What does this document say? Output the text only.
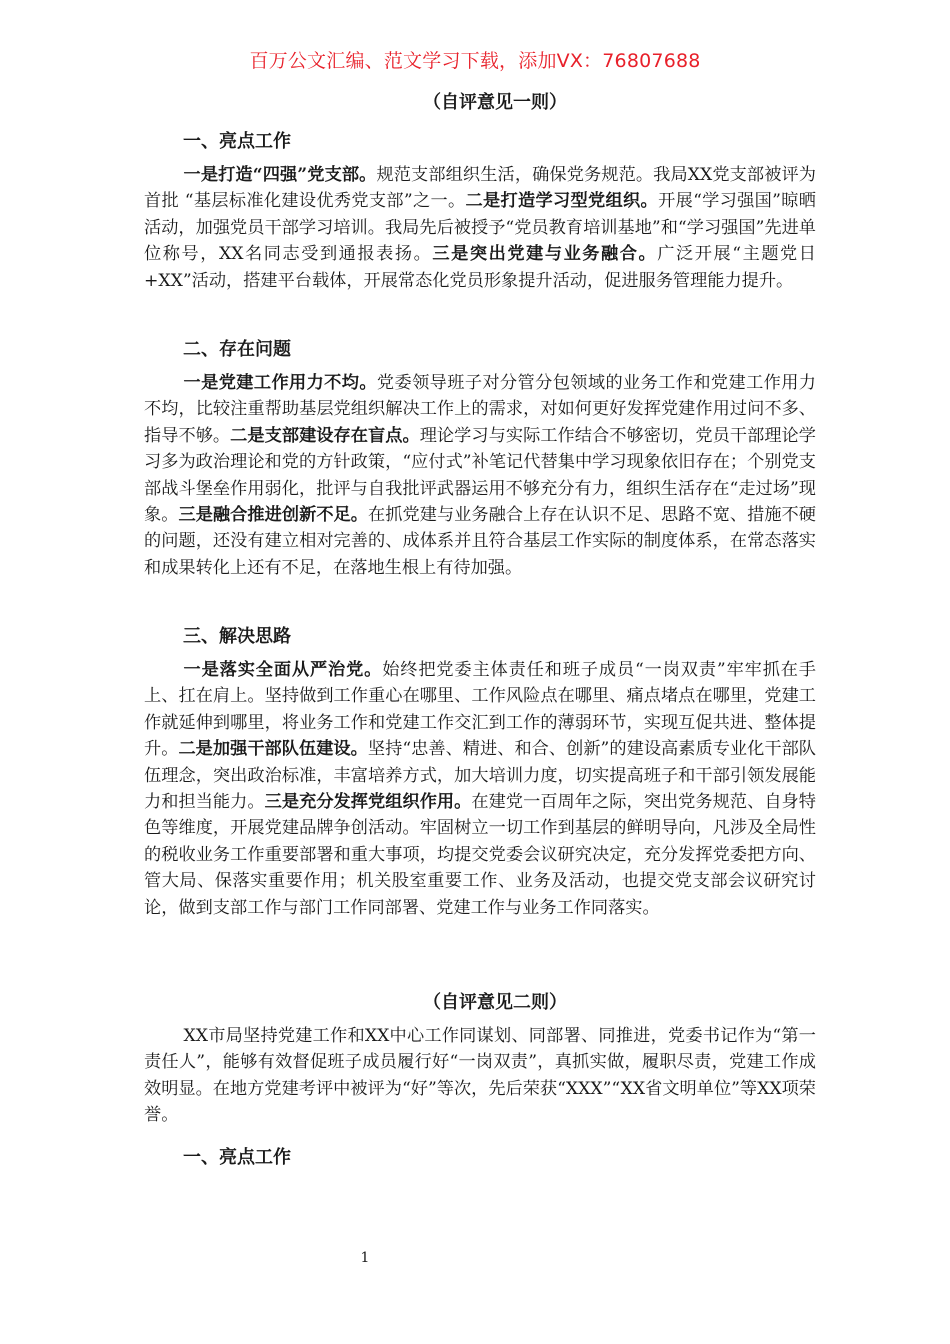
百万公文汇编、范文学习下载，添加VX：76807688
（自评意见一则）
一、亮点工作

一是打造“四强”党支部。规范支部组织生活，确保党务规范。我局XX党支部被评为首批 “基层标准化建设优秀党支部”之一。二是打造学习型党组织。开展“学习强国”晾晒活动，加强党员干部学习培训。我局先后被授予“党员教育培训基地”和“学习强国”先进单位称号，XX名同志受到通报表扬。三是突出党建与业务融合。广泛开展“主题党日+XX”活动，搭建平台载体，开展常态化党员形象提升活动，促进服务管理能力提升。

二、存在问题

一是党建工作用力不均。党委领导班子对分管分包领域的业务工作和党建工作用力不均，比较注重帮助基层党组织解决工作上的需求，对如何更好发挥党建作用过问不多、指导不够。二是支部建设存在盲点。理论学习与实际工作结合不够密切，党员干部理论学习多为政治理论和党的方针政策，“应付式”补笔记代替集中学习现象依旧存在；个别党支部战斗堡垒作用弱化，批评与自我批评武器运用不够充分有力，组织生活存在“走过场”现象。三是融合推进创新不足。在抓党建与业务融合上存在认识不足、思路不宽、措施不硬的问题，还没有建立相对完善的、成体系并且符合基层工作实际的制度体系，在常态落实和成果转化上还有不足，在落地生根上有待加强。

三、解决思路

一是落实全面从严治党。始终把党委主体责任和班子成员“一岗双责”牢牢抓在手上、扛在肩上。坚持做到工作重心在哪里、工作风险点在哪里、痛点堵点在哪里，党建工作就延伸到哪里，将业务工作和党建工作交汇到工作的薄弱环节，实现互促共进、整体提升。二是加强干部队伍建设。坚持“忠善、精进、和合、创新”的建设高素质专业化干部队伍理念，突出政治标准，丰富培养方式，加大培训力度，切实提高班子和干部引领发展能力和担当能力。三是充分发挥党组织作用。在建党一百周年之际，突出党务规范、自身特色等维度，开展党建品牌争创活动。牢固树立一切工作到基层的鲜明导向，凡涉及全局性的税收业务工作重要部署和重大事项，均提交党委会议研究决定，充分发挥党委把方向、管大局、保落实重要作用；机关股室重要工作、业务及活动，也提交党支部会议研究讨论，做到支部工作与部门工作同部署、党建工作与业务工作同落实。

（自评意见二则）

XX市局坚持党建工作和XX中心工作同谋划、同部署、同推进，党委书记作为“第一责任人”，能够有效督促班子成员履行好“一岗双责”，真抓实做，履职尽责，党建工作成效明显。在地方党建考评中被评为“好”等次，先后荣获“XXX”“XX省文明单位”等XX项荣誉。

一、亮点工作
1
